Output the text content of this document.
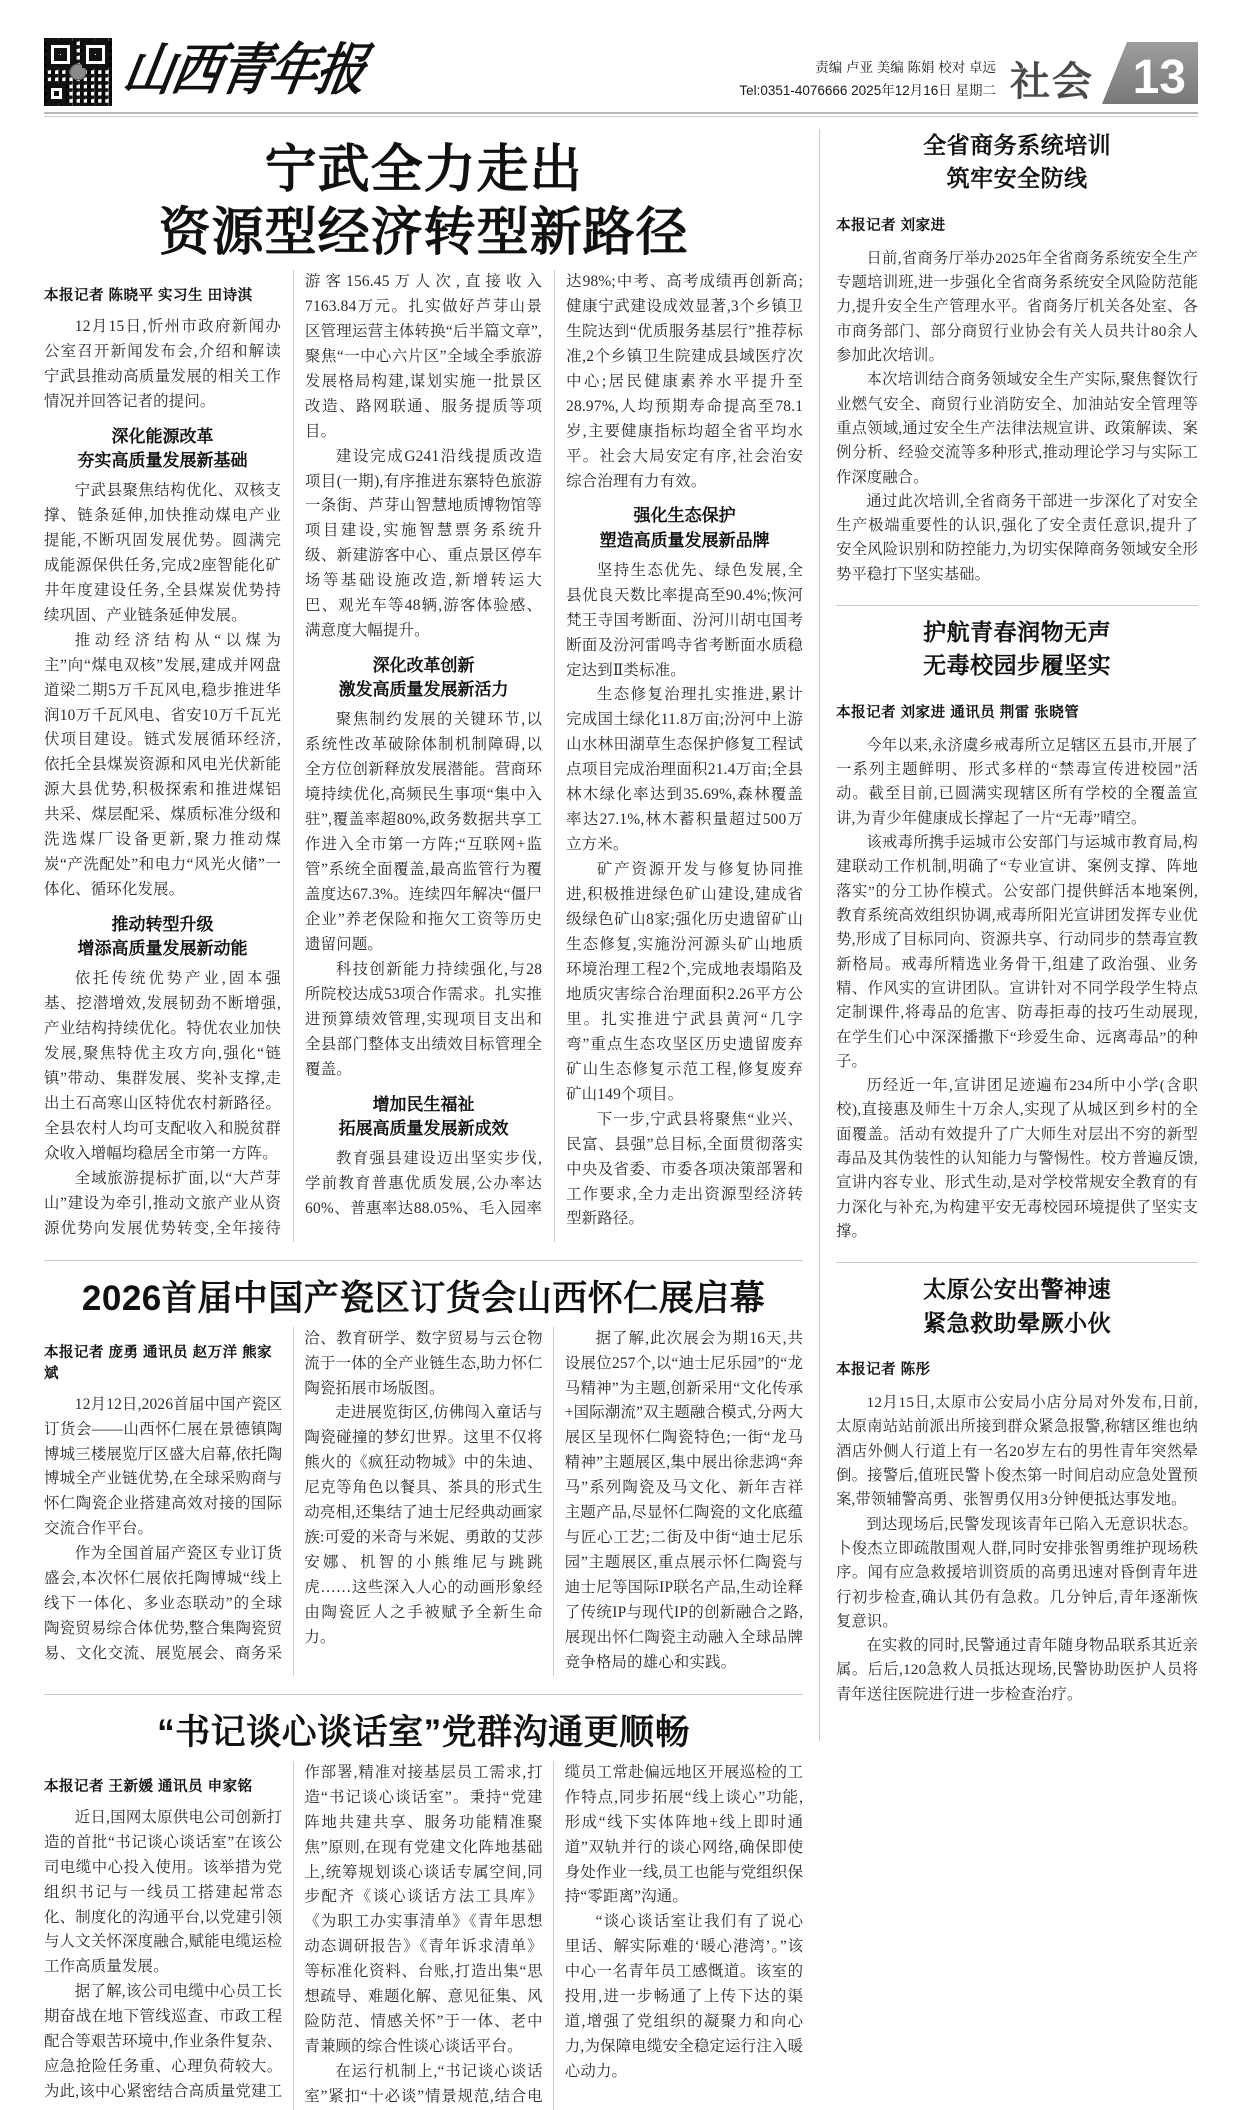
山西青年报	责编 卢亚 美编 陈娟 校对 卓远
Tel:0351-4076666 2025年12月16日 星期二 社会 13
宁武全力走出
资源型经济转型新路径
本报记者 陈晓平 实习生 田诗淇

12月15日,忻州市政府新闻办公室召开新闻发布会,介绍和解读宁武县推动高质量发展的相关工作情况并回答记者的提问。

深化能源改革
夯实高质量发展新基础

宁武县聚焦结构优化、双核支撑、链条延伸,加快推动煤电产业提能,不断巩固发展优势。圆满完成能源保供任务,完成2座智能化矿井年度建设任务,全县煤炭优势持续巩固、产业链条延伸发展。

推动经济结构从“以煤为主”向“煤电双核”发展,建成并网盘道梁二期5万千瓦风电,稳步推进华润10万千瓦风电、省安10万千瓦光伏项目建设。链式发展循环经济,依托全县煤炭资源和风电光伏新能源大县优势,积极探索和推进煤铝共采、煤层配采、煤质标准分级和洗选煤厂设备更新,聚力推动煤炭“产洗配处”和电力“风光火储”一体化、循环化发展。

推动转型升级
增添高质量发展新动能

依托传统优势产业,固本强基、挖潜增效,发展韧劲不断增强,产业结构持续优化。特优农业加快发展,聚焦特优主攻方向,强化“链镇”带动、集群发展、奖补支撑,走出土石高寒山区特优农村新路径。全县农村人均可支配收入和脱贫群众收入增幅均稳居全市第一方阵。

全域旅游提标扩面,以“大芦芽山”建设为牵引,推动文旅产业从资源优势向发展优势转变,全年接待游客156.45万人次,直接收入7163.84万元。扎实做好芦芽山景区管理运营主体转换“后半篇文章”,聚焦“一中心六片区”全域全季旅游发展格局构建,谋划实施一批景区改造、路网联通、服务提质等项目。

建设完成G241沿线提质改造项目(一期),有序推进东寨特色旅游一条街、芦芽山智慧地质博物馆等项目建设,实施智慧票务系统升级、新建游客中心、重点景区停车场等基础设施改造,新增转运大巴、观光车等48辆,游客体验感、满意度大幅提升。

深化改革创新
激发高质量发展新活力

聚焦制约发展的关键环节,以系统性改革破除体制机制障碍,以全方位创新释放发展潜能。营商环境持续优化,高频民生事项“集中入驻”,覆盖率超80%,政务数据共享工作进入全市第一方阵;“互联网+监管”系统全面覆盖,最高监管行为覆盖度达67.3%。连续四年解决“僵尸企业”养老保险和拖欠工资等历史遗留问题。

科技创新能力持续强化,与28所院校达成53项合作需求。扎实推进预算绩效管理,实现项目支出和全县部门整体支出绩效目标管理全覆盖。

增加民生福祉
拓展高质量发展新成效

教育强县建设迈出坚实步伐,学前教育普惠优质发展,公办率达60%、普惠率达88.05%、毛入园率达98%;中考、高考成绩再创新高;健康宁武建设成效显著,3个乡镇卫生院达到“优质服务基层行”推荐标准,2个乡镇卫生院建成县域医疗次中心;居民健康素养水平提升至28.97%,人均预期寿命提高至78.1岁,主要健康指标均超全省平均水平。社会大局安定有序,社会治安综合治理有力有效。

强化生态保护
塑造高质量发展新品牌

坚持生态优先、绿色发展,全县优良天数比率提高至90.4%;恢河梵王寺国考断面、汾河川胡屯国考断面及汾河雷鸣寺省考断面水质稳定达到Ⅱ类标准。

生态修复治理扎实推进,累计完成国土绿化11.8万亩;汾河中上游山水林田湖草生态保护修复工程试点项目完成治理面积21.4万亩;全县林木绿化率达到35.69%,森林覆盖率达27.1%,林木蓄积量超过500万立方米。

矿产资源开发与修复协同推进,积极推进绿色矿山建设,建成省级绿色矿山8家;强化历史遗留矿山生态修复,实施汾河源头矿山地质环境治理工程2个,完成地表塌陷及地质灾害综合治理面积2.26平方公里。扎实推进宁武县黄河“几字弯”重点生态攻坚区历史遗留废弃矿山生态修复示范工程,修复废弃矿山149个项目。

下一步,宁武县将聚焦“业兴、民富、县强”总目标,全面贯彻落实中央及省委、市委各项决策部署和工作要求,全力走出资源型经济转型新路径。

2026首届中国产瓷区订货会山西怀仁展启幕
本报记者 庞勇 通讯员 赵万洋 熊家斌

12月12日,2026首届中国产瓷区订货会——山西怀仁展在景德镇陶博城三楼展览厅区盛大启幕,依托陶博城全产业链优势,在全球采购商与怀仁陶瓷企业搭建高效对接的国际交流合作平台。

作为全国首届产瓷区专业订货盛会,本次怀仁展依托陶博城“线上线下一体化、多业态联动”的全球陶瓷贸易综合体优势,整合集陶瓷贸易、文化交流、展览展会、商务采洽、教育研学、数字贸易与云仓物流于一体的全产业链生态,助力怀仁陶瓷拓展市场版图。

走进展览街区,仿佛闯入童话与陶瓷碰撞的梦幻世界。这里不仅将熊火的《疯狂动物城》中的朱迪、尼克等角色以餐具、茶具的形式生动亮相,还集结了迪士尼经典动画家族:可爱的米奇与米妮、勇敢的艾莎安娜、机智的小熊维尼与跳跳虎……这些深入人心的动画形象经由陶瓷匠人之手被赋予全新生命力。

据了解,此次展会为期16天,共设展位257个,以“迪士尼乐园”的“龙马精神”为主题,创新采用“文化传承+国际潮流”双主题融合模式,分两大展区呈现怀仁陶瓷特色;一街“龙马精神”主题展区,集中展出徐悲鸿“奔马”系列陶瓷及马文化、新年吉祥主题产品,尽显怀仁陶瓷的文化底蕴与匠心工艺;二街及中街“迪士尼乐园”主题展区,重点展示怀仁陶瓷与迪士尼等国际IP联名产品,生动诠释了传统IP与现代IP的创新融合之路,展现出怀仁陶瓷主动融入全球品牌竞争格局的雄心和实践。

“书记谈心谈话室”党群沟通更顺畅
本报记者 王新媛 通讯员 申家铭

近日,国网太原供电公司创新打造的首批“书记谈心谈话室”在该公司电缆中心投入使用。该举措为党组织书记与一线员工搭建起常态化、制度化的沟通平台,以党建引领与人文关怀深度融合,赋能电缆运检工作高质量发展。

据了解,该公司电缆中心员工长期奋战在地下管线巡查、市政工程配合等艰苦环境中,作业条件复杂、应急抢险任务重、心理负荷较大。为此,该中心紧密结合高质量党建工作部署,精准对接基层员工需求,打造“书记谈心谈话室”。秉持“党建阵地共建共享、服务功能精准聚焦”原则,在现有党建文化阵地基础上,统筹规划谈心谈话专属空间,同步配齐《谈心谈话方法工具库》《为职工办实事清单》《青年思想动态调研报告》《青年诉求清单》等标准化资料、台账,打造出集“思想疏导、难题化解、意见征集、风险防范、情感关怀”于一体、老中青兼顾的综合性谈心谈话平台。

在运行机制上,“书记谈心谈话室”紧扣“十必谈”情景规范,结合电缆员工常赴偏远地区开展巡检的工作特点,同步拓展“线上谈心”功能,形成“线下实体阵地+线上即时通道”双轨并行的谈心网络,确保即使身处作业一线,员工也能与党组织保持“零距离”沟通。

“谈心谈话室让我们有了说心里话、解实际难的‘暖心港湾’。”该中心一名青年员工感慨道。该室的投用,进一步畅通了上传下达的渠道,增强了党组织的凝聚力和向心力,为保障电缆安全稳定运行注入暖心动力。

全省商务系统培训
筑牢安全防线
本报记者 刘家进

日前,省商务厅举办2025年全省商务系统安全生产专题培训班,进一步强化全省商务系统安全风险防范能力,提升安全生产管理水平。省商务厅机关各处室、各市商务部门、部分商贸行业协会有关人员共计80余人参加此次培训。

本次培训结合商务领域安全生产实际,聚焦餐饮行业燃气安全、商贸行业消防安全、加油站安全管理等重点领域,通过安全生产法律法规宣讲、政策解读、案例分析、经验交流等多种形式,推动理论学习与实际工作深度融合。

通过此次培训,全省商务干部进一步深化了对安全生产极端重要性的认识,强化了安全责任意识,提升了安全风险识别和防控能力,为切实保障商务领域安全形势平稳打下坚实基础。

护航青春润物无声
无毒校园步履坚实
本报记者 刘家进 通讯员 荆雷 张晓管

今年以来,永济虞乡戒毒所立足辖区五县市,开展了一系列主题鲜明、形式多样的“禁毒宣传进校园”活动。截至目前,已圆满实现辖区所有学校的全覆盖宣讲,为青少年健康成长撑起了一片“无毒”晴空。

该戒毒所携手运城市公安部门与运城市教育局,构建联动工作机制,明确了“专业宣讲、案例支撑、阵地落实”的分工协作模式。公安部门提供鲜活本地案例,教育系统高效组织协调,戒毒所阳光宣讲团发挥专业优势,形成了目标同向、资源共享、行动同步的禁毒宣教新格局。戒毒所精选业务骨干,组建了政治强、业务精、作风实的宣讲团队。宣讲针对不同学段学生特点定制课件,将毒品的危害、防毒拒毒的技巧生动展现,在学生们心中深深播撒下“珍爱生命、远离毒品”的种子。

历经近一年,宣讲团足迹遍布234所中小学(含职校),直接惠及师生十万余人,实现了从城区到乡村的全面覆盖。活动有效提升了广大师生对层出不穷的新型毒品及其伪装性的认知能力与警惕性。校方普遍反馈,宣讲内容专业、形式生动,是对学校常规安全教育的有力深化与补充,为构建平安无毒校园环境提供了坚实支撑。

太原公安出警神速
紧急救助晕厥小伙
本报记者 陈彤

12月15日,太原市公安局小店分局对外发布,日前,太原南站站前派出所接到群众紧急报警,称辖区维也纳酒店外侧人行道上有一名20岁左右的男性青年突然晕倒。接警后,值班民警卜俊杰第一时间启动应急处置预案,带领辅警高勇、张智勇仅用3分钟便抵达事发地。

到达现场后,民警发现该青年已陷入无意识状态。卜俊杰立即疏散围观人群,同时安排张智勇维护现场秩序。闻有应急救援培训资质的高勇迅速对昏倒青年进行初步检查,确认其仍有急救。几分钟后,青年逐渐恢复意识。

在实救的同时,民警通过青年随身物品联系其近亲属。后后,120急救人员抵达现场,民警协助医护人员将青年送往医院进行进一步检查治疗。
